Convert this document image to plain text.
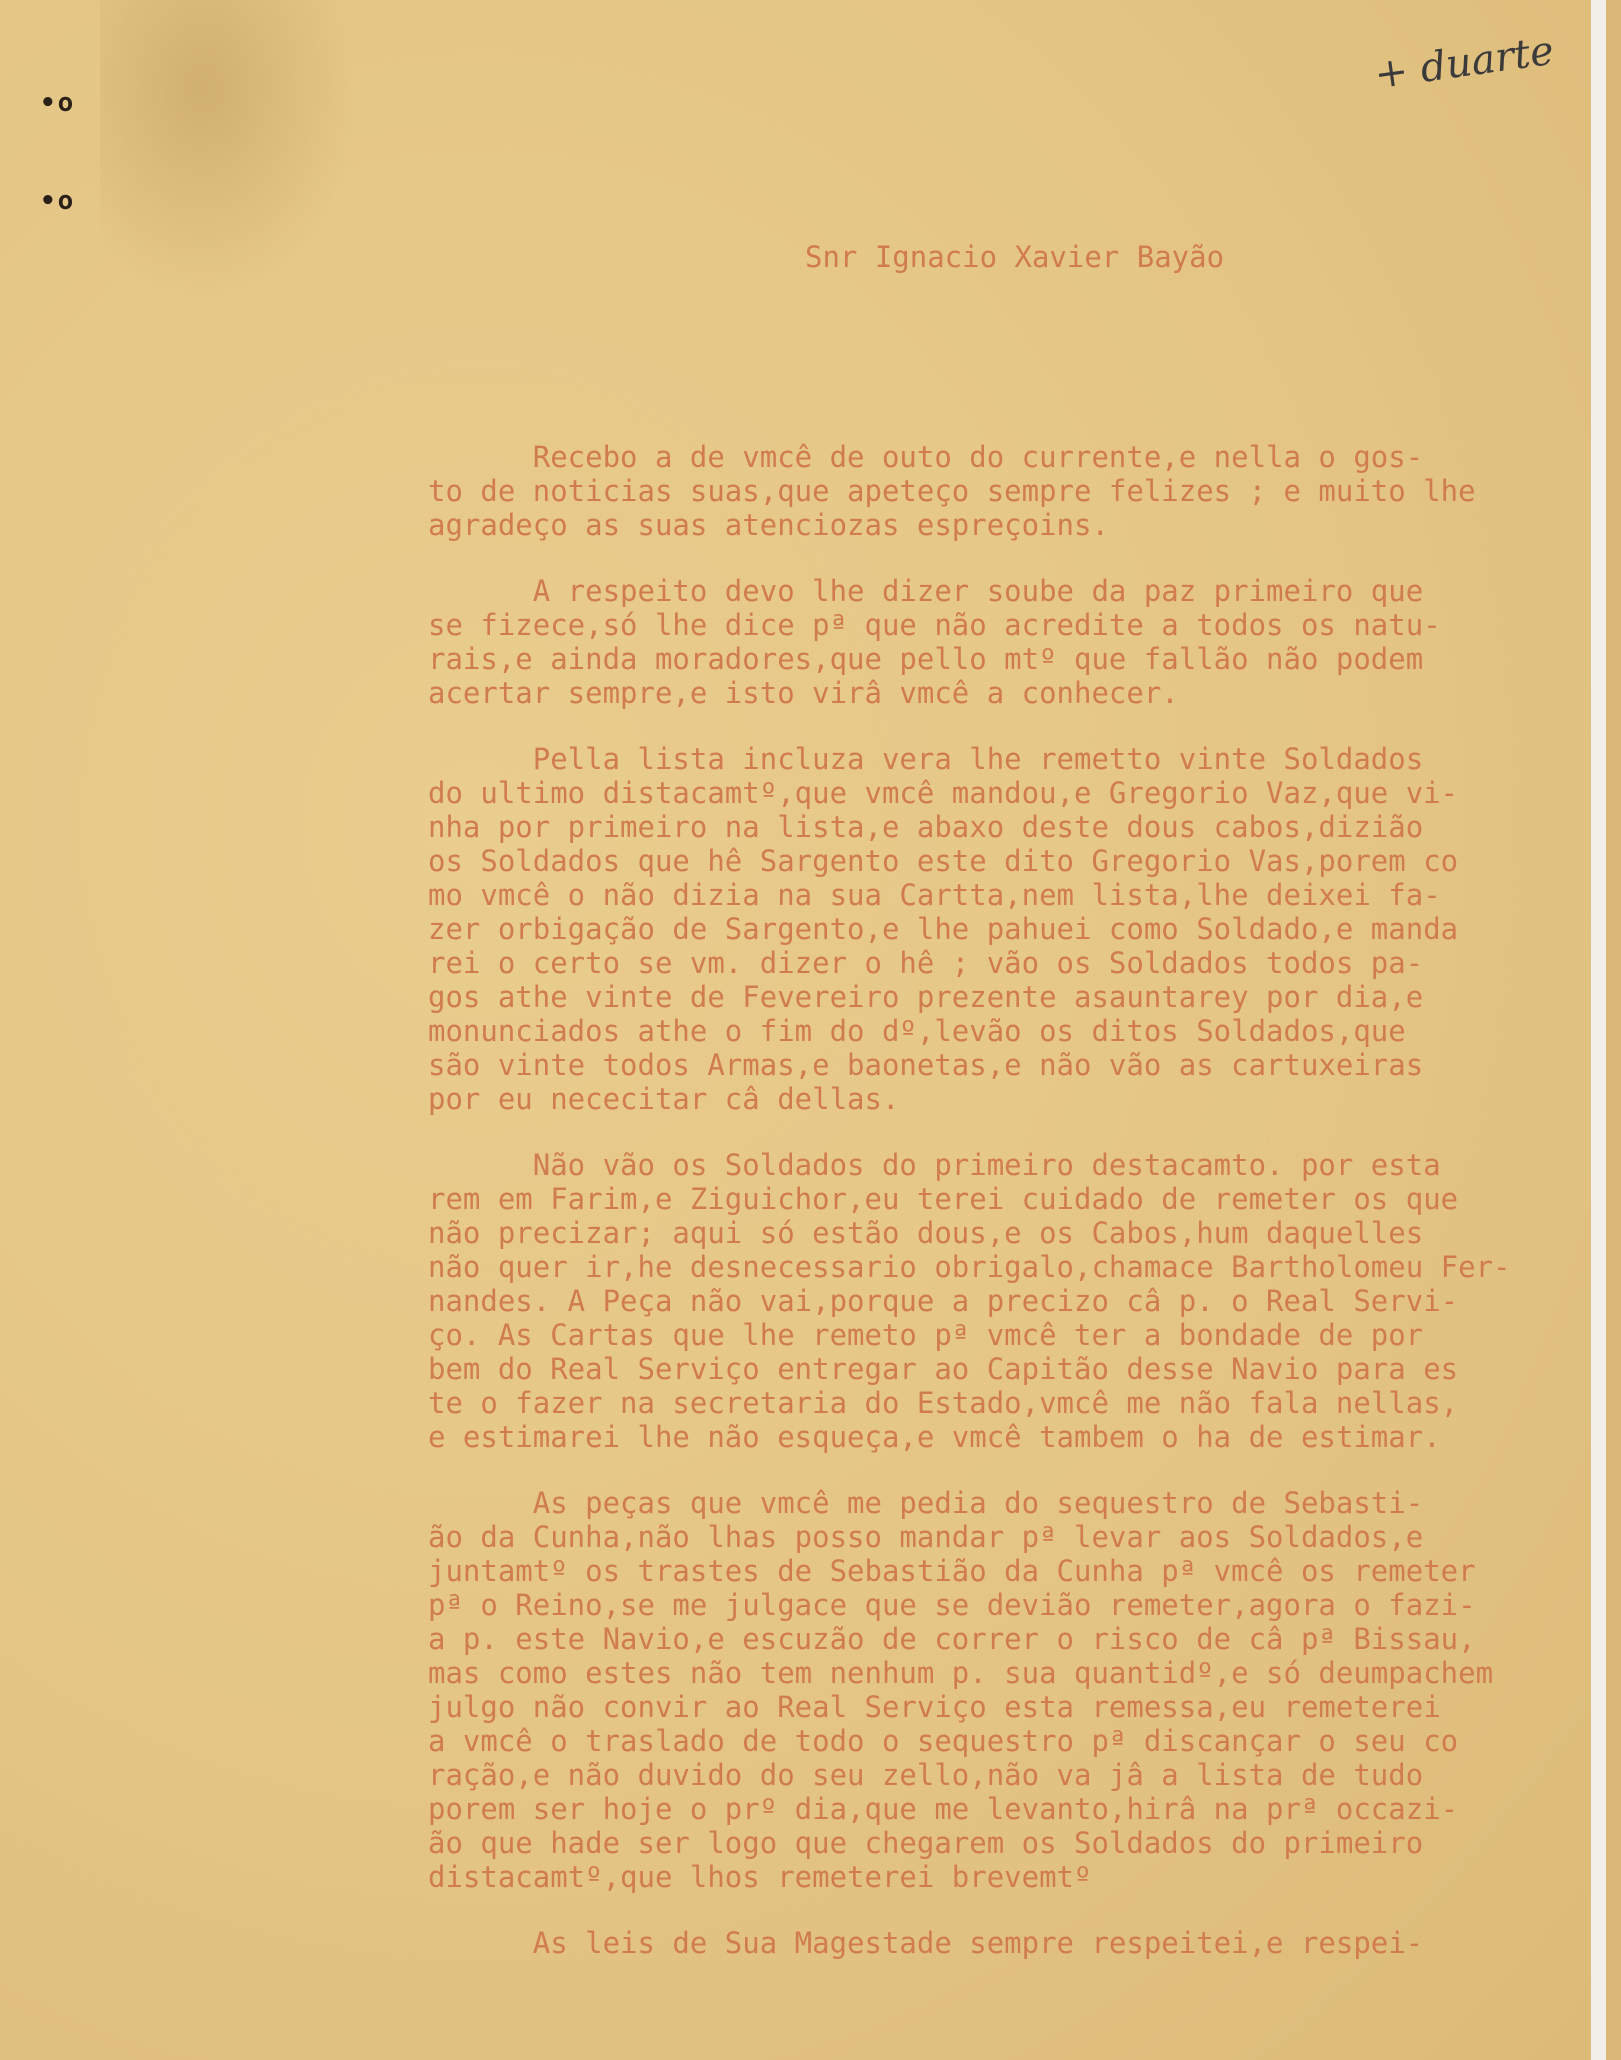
•o
•o
+ duarte
Snr Ignacio Xavier Bayão
Recebo a de vmcê de outo do currente,e nella o gos-
to de noticias suas,que apeteço sempre felizes ; e muito lhe
agradeço as suas atenciozas espreçoins.
A respeito devo lhe dizer soube da paz primeiro que
se fizece,só lhe dice pª que não acredite a todos os natu-
rais,e ainda moradores,que pello mtº que fallão não podem
acertar sempre,e isto virâ vmcê a conhecer.
Pella lista incluza vera lhe remetto vinte Soldados
do ultimo distacamtº,que vmcê mandou,e Gregorio Vaz,que vi-
nha por primeiro na lista,e abaxo deste dous cabos,dizião
os Soldados que hê Sargento este dito Gregorio Vas,porem co
mo vmcê o não dizia na sua Cartta,nem lista,lhe deixei fa-
zer orbigação de Sargento,e lhe pahuei como Soldado,e manda
rei o certo se vm. dizer o hê ; vão os Soldados todos pa-
gos athe vinte de Fevereiro prezente asauntarey por dia,e
monunciados athe o fim do dº,levão os ditos Soldados,que
são vinte todos Armas,e baonetas,e não vão as cartuxeiras
por eu nececitar câ dellas.
Não vão os Soldados do primeiro destacamto. por esta
rem em Farim,e Ziguichor,eu terei cuidado de remeter os que
não precizar; aqui só estão dous,e os Cabos,hum daquelles
não quer ir,he desnecessario obrigalo,chamace Bartholomeu Fer-
nandes. A Peça não vai,porque a precizo câ p. o Real Servi-
ço. As Cartas que lhe remeto pª vmcê ter a bondade de por
bem do Real Serviço entregar ao Capitão desse Navio para es
te o fazer na secretaria do Estado,vmcê me não fala nellas,
e estimarei lhe não esqueça,e vmcê tambem o ha de estimar.
As peças que vmcê me pedia do sequestro de Sebasti-
ão da Cunha,não lhas posso mandar pª levar aos Soldados,e
juntamtº os trastes de Sebastião da Cunha pª vmcê os remeter
pª o Reino,se me julgace que se devião remeter,agora o fazi-
a p. este Navio,e escuzão de correr o risco de câ pª Bissau,
mas como estes não tem nenhum p. sua quantidº,e só deumpachem
julgo não convir ao Real Serviço esta remessa,eu remeterei
a vmcê o traslado de todo o sequestro pª discançar o seu co
ração,e não duvido do seu zello,não va jâ a lista de tudo
porem ser hoje o prº dia,que me levanto,hirâ na prª occazi-
ão que hade ser logo que chegarem os Soldados do primeiro
distacamtº,que lhos remeterei brevemtº
As leis de Sua Magestade sempre respeitei,e respei-
